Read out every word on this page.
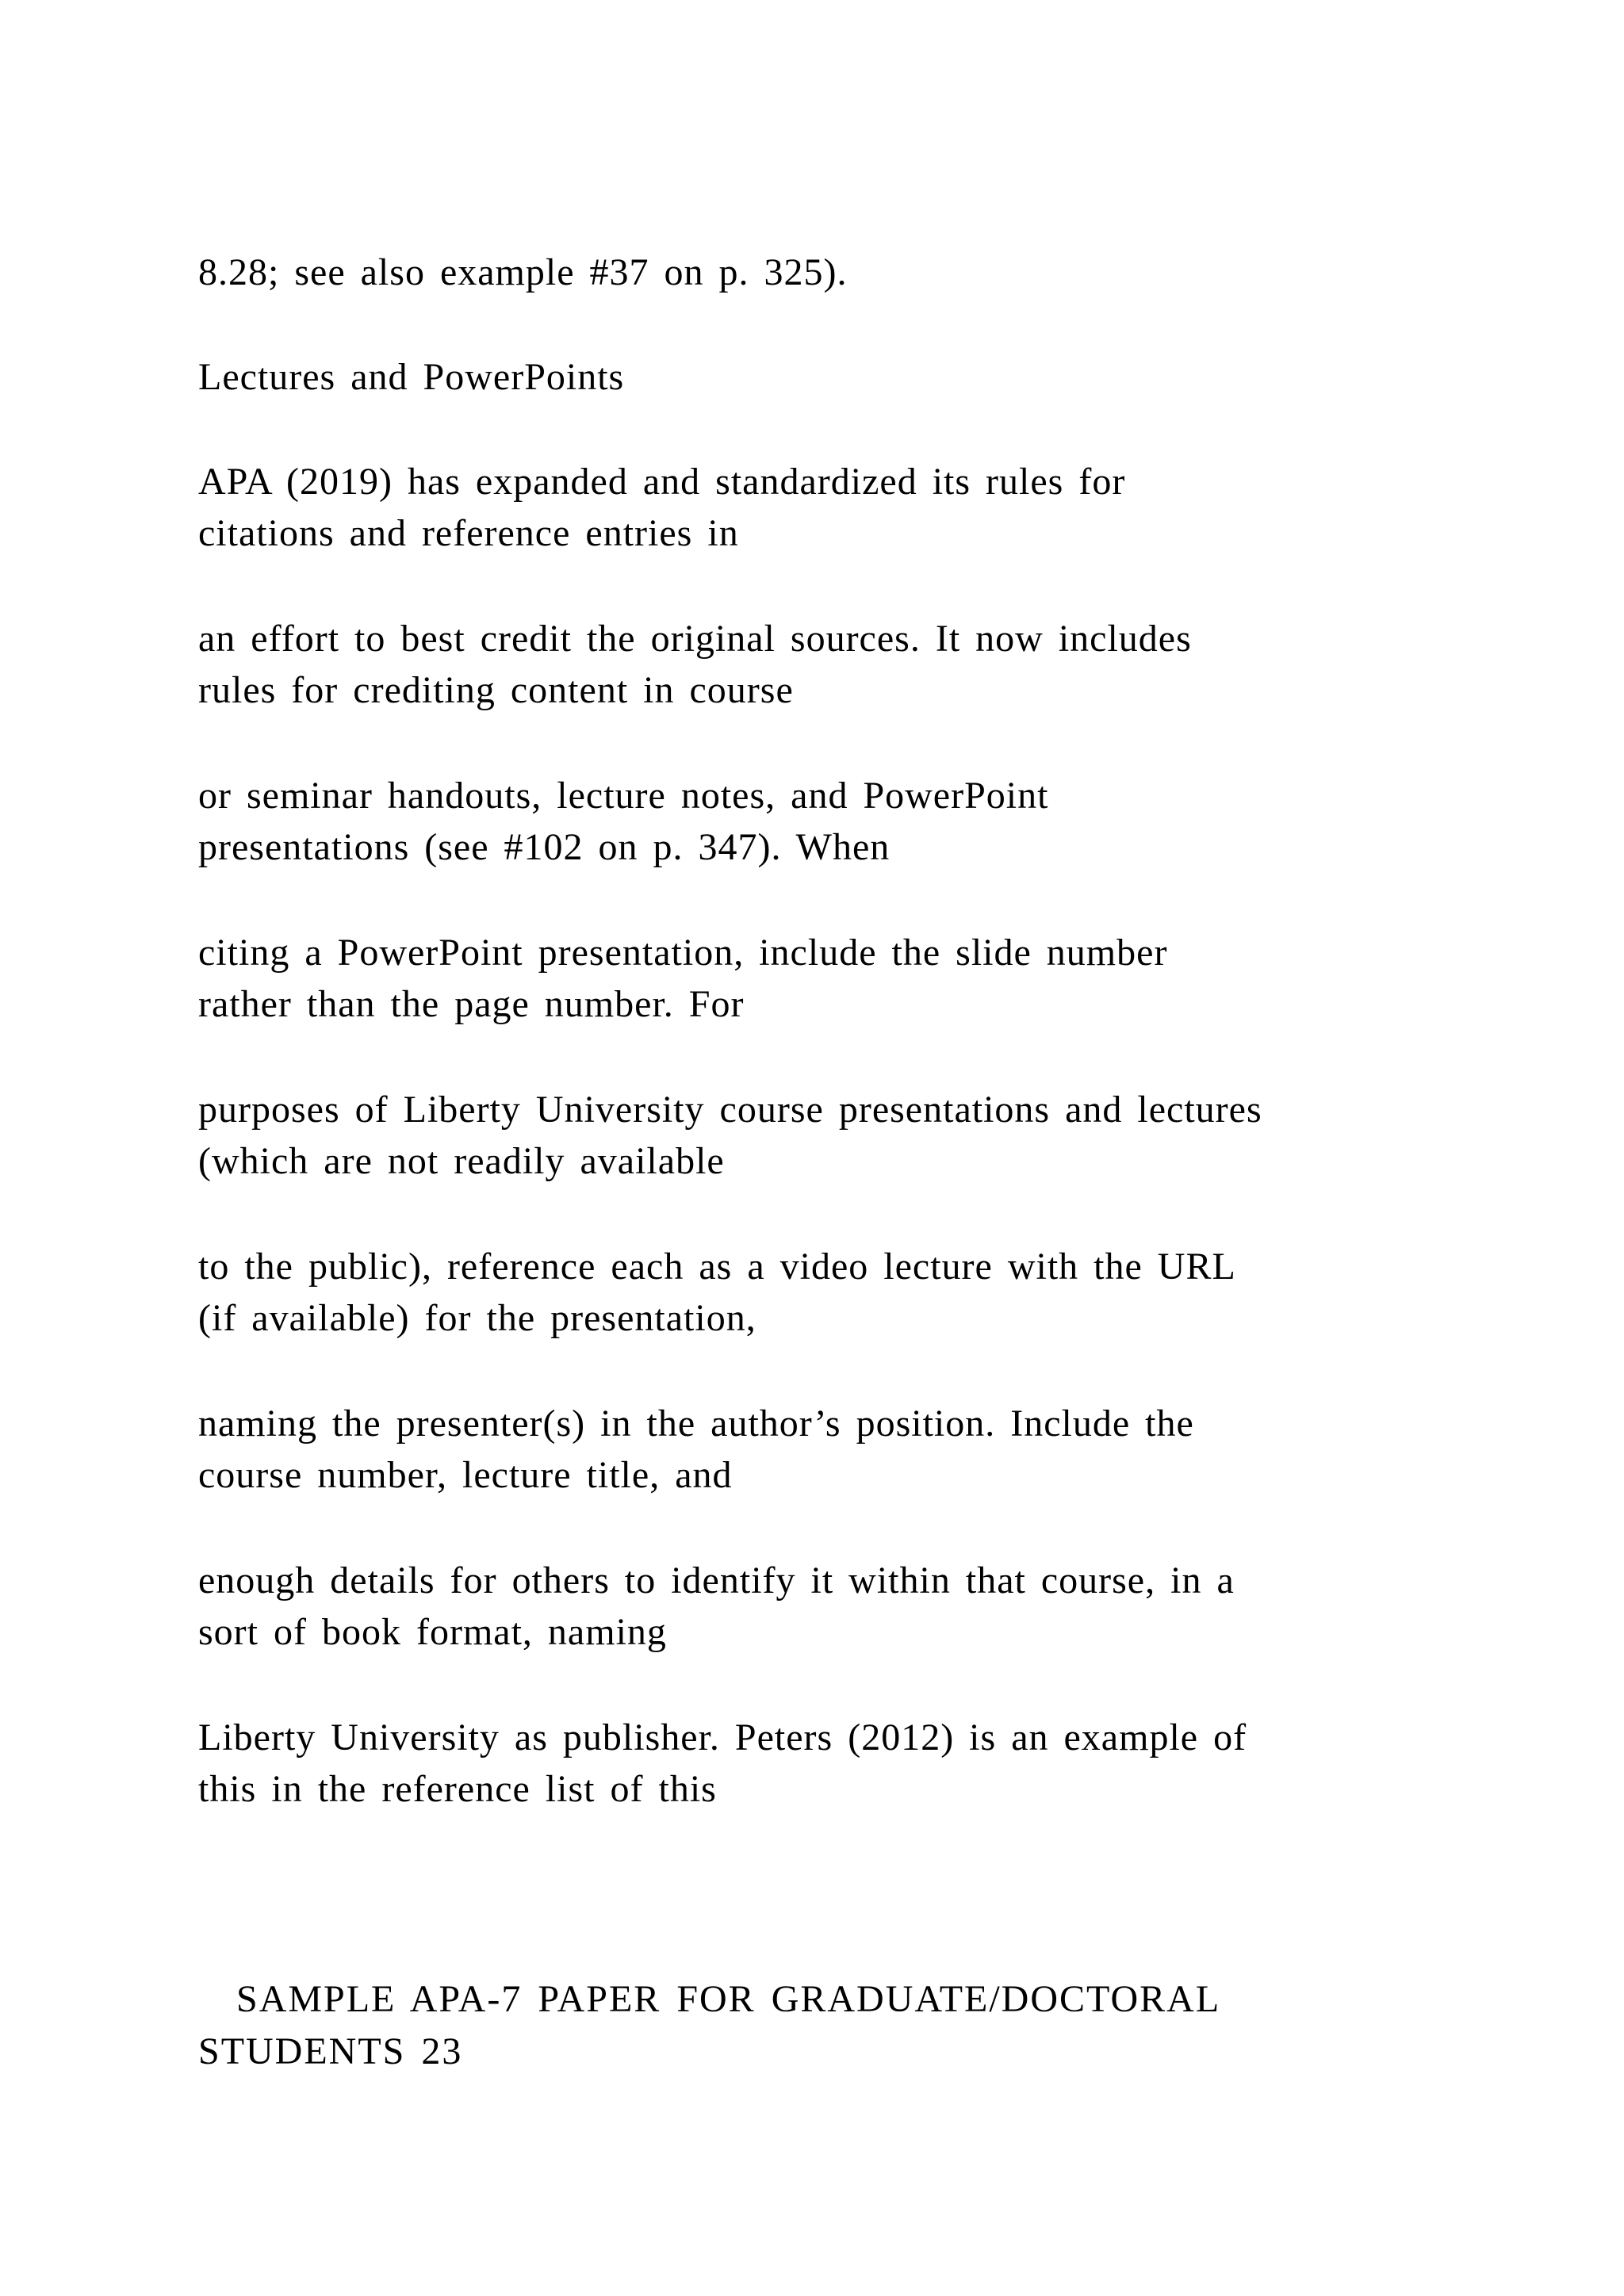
8.28; see also example #37 on p. 325).
Lectures and PowerPoints
APA (2019) has expanded and standardized its rules for
citations and reference entries in
an effort to best credit the original sources. It now includes
rules for crediting content in course
or seminar handouts, lecture notes, and PowerPoint
presentations (see #102 on p. 347). When
citing a PowerPoint presentation, include the slide number
rather than the page number. For
purposes of Liberty University course presentations and lectures
(which are not readily available
to the public), reference each as a video lecture with the URL
(if available) for the presentation,
naming the presenter(s) in the author’s position. Include the
course number, lecture title, and
enough details for others to identify it within that course, in a
sort of book format, naming
Liberty University as publisher. Peters (2012) is an example of
this in the reference list of this
SAMPLE APA-7 PAPER FOR GRADUATE/DOCTORAL
STUDENTS 23
